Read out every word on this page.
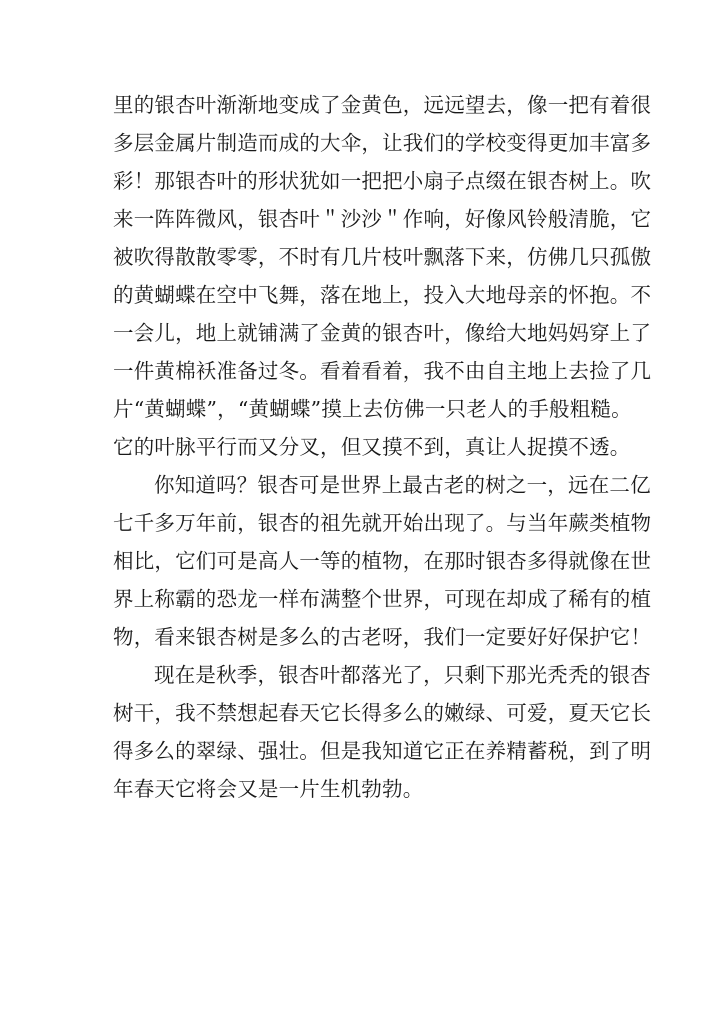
里的银杏叶渐渐地变成了金黄色，远远望去，像一把有着很
多层金属片制造而成的大伞，让我们的学校变得更加丰富多
彩！那银杏叶的形状犹如一把把小扇子点缀在银杏树上。吹
来一阵阵微风，银杏叶＂沙沙＂作响，好像风铃般清脆，它
被吹得散散零零，不时有几片枝叶飘落下来，仿佛几只孤傲
的黄蝴蝶在空中飞舞，落在地上，投入大地母亲的怀抱。不
一会儿，地上就铺满了金黄的银杏叶，像给大地妈妈穿上了
一件黄棉袄准备过冬。看着看着，我不由自主地上去捡了几
片“黄蝴蝶”，“黄蝴蝶”摸上去仿佛一只老人的手般粗糙。
它的叶脉平行而又分叉，但又摸不到，真让人捉摸不透。
你知道吗？银杏可是世界上最古老的树之一，远在二亿
七千多万年前，银杏的祖先就开始出现了。与当年蕨类植物
相比，它们可是高人一等的植物，在那时银杏多得就像在世
界上称霸的恐龙一样布满整个世界，可现在却成了稀有的植
物，看来银杏树是多么的古老呀，我们一定要好好保护它！
现在是秋季，银杏叶都落光了，只剩下那光秃秃的银杏
树干，我不禁想起春天它长得多么的嫩绿、可爱，夏天它长
得多么的翠绿、强壮。但是我知道它正在养精蓄税，到了明
年春天它将会又是一片生机勃勃。
